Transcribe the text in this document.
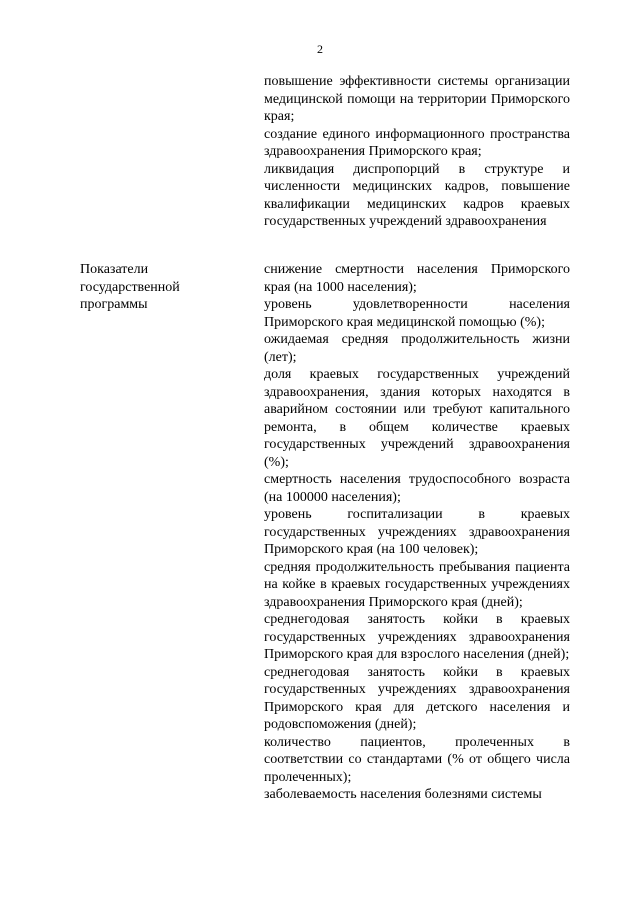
2

повышение эффективности системы организации медицинской помощи на территории Приморского края;

создание единого информационного пространства здравоохранения Приморского края;

ликвидация диспропорций в структуре и численности медицинских кадров, повышение квалификации медицинских кадров краевых государственных учреждений здравоохранения

Показатели
государственной
программы

снижение смертности населения Приморского края (на 1000 населения);

уровень удовлетворенности населения Приморского края медицинской помощью (%);

ожидаемая средняя продолжительность жизни (лет);

доля краевых государственных учреждений здравоохранения, здания которых находятся в аварийном состоянии или требуют капитального ремонта, в общем количестве краевых государственных учреждений здравоохранения (%);

смертность населения трудоспособного возраста (на 100000 населения);

уровень госпитализации в краевых государственных учреждениях здравоохранения Приморского края (на 100 человек);

средняя продолжительность пребывания пациента на койке в краевых государственных учреждениях здравоохранения Приморского края (дней);

среднегодовая занятость койки в краевых государственных учреждениях здравоохранения Приморского края для взрослого населения (дней);

среднегодовая занятость койки в краевых государственных учреждениях здравоохранения Приморского края для детского населения и родовспоможения (дней);

количество пациентов, пролеченных в соответствии со стандартами (% от общего числа пролеченных);

заболеваемость населения болезнями системы
